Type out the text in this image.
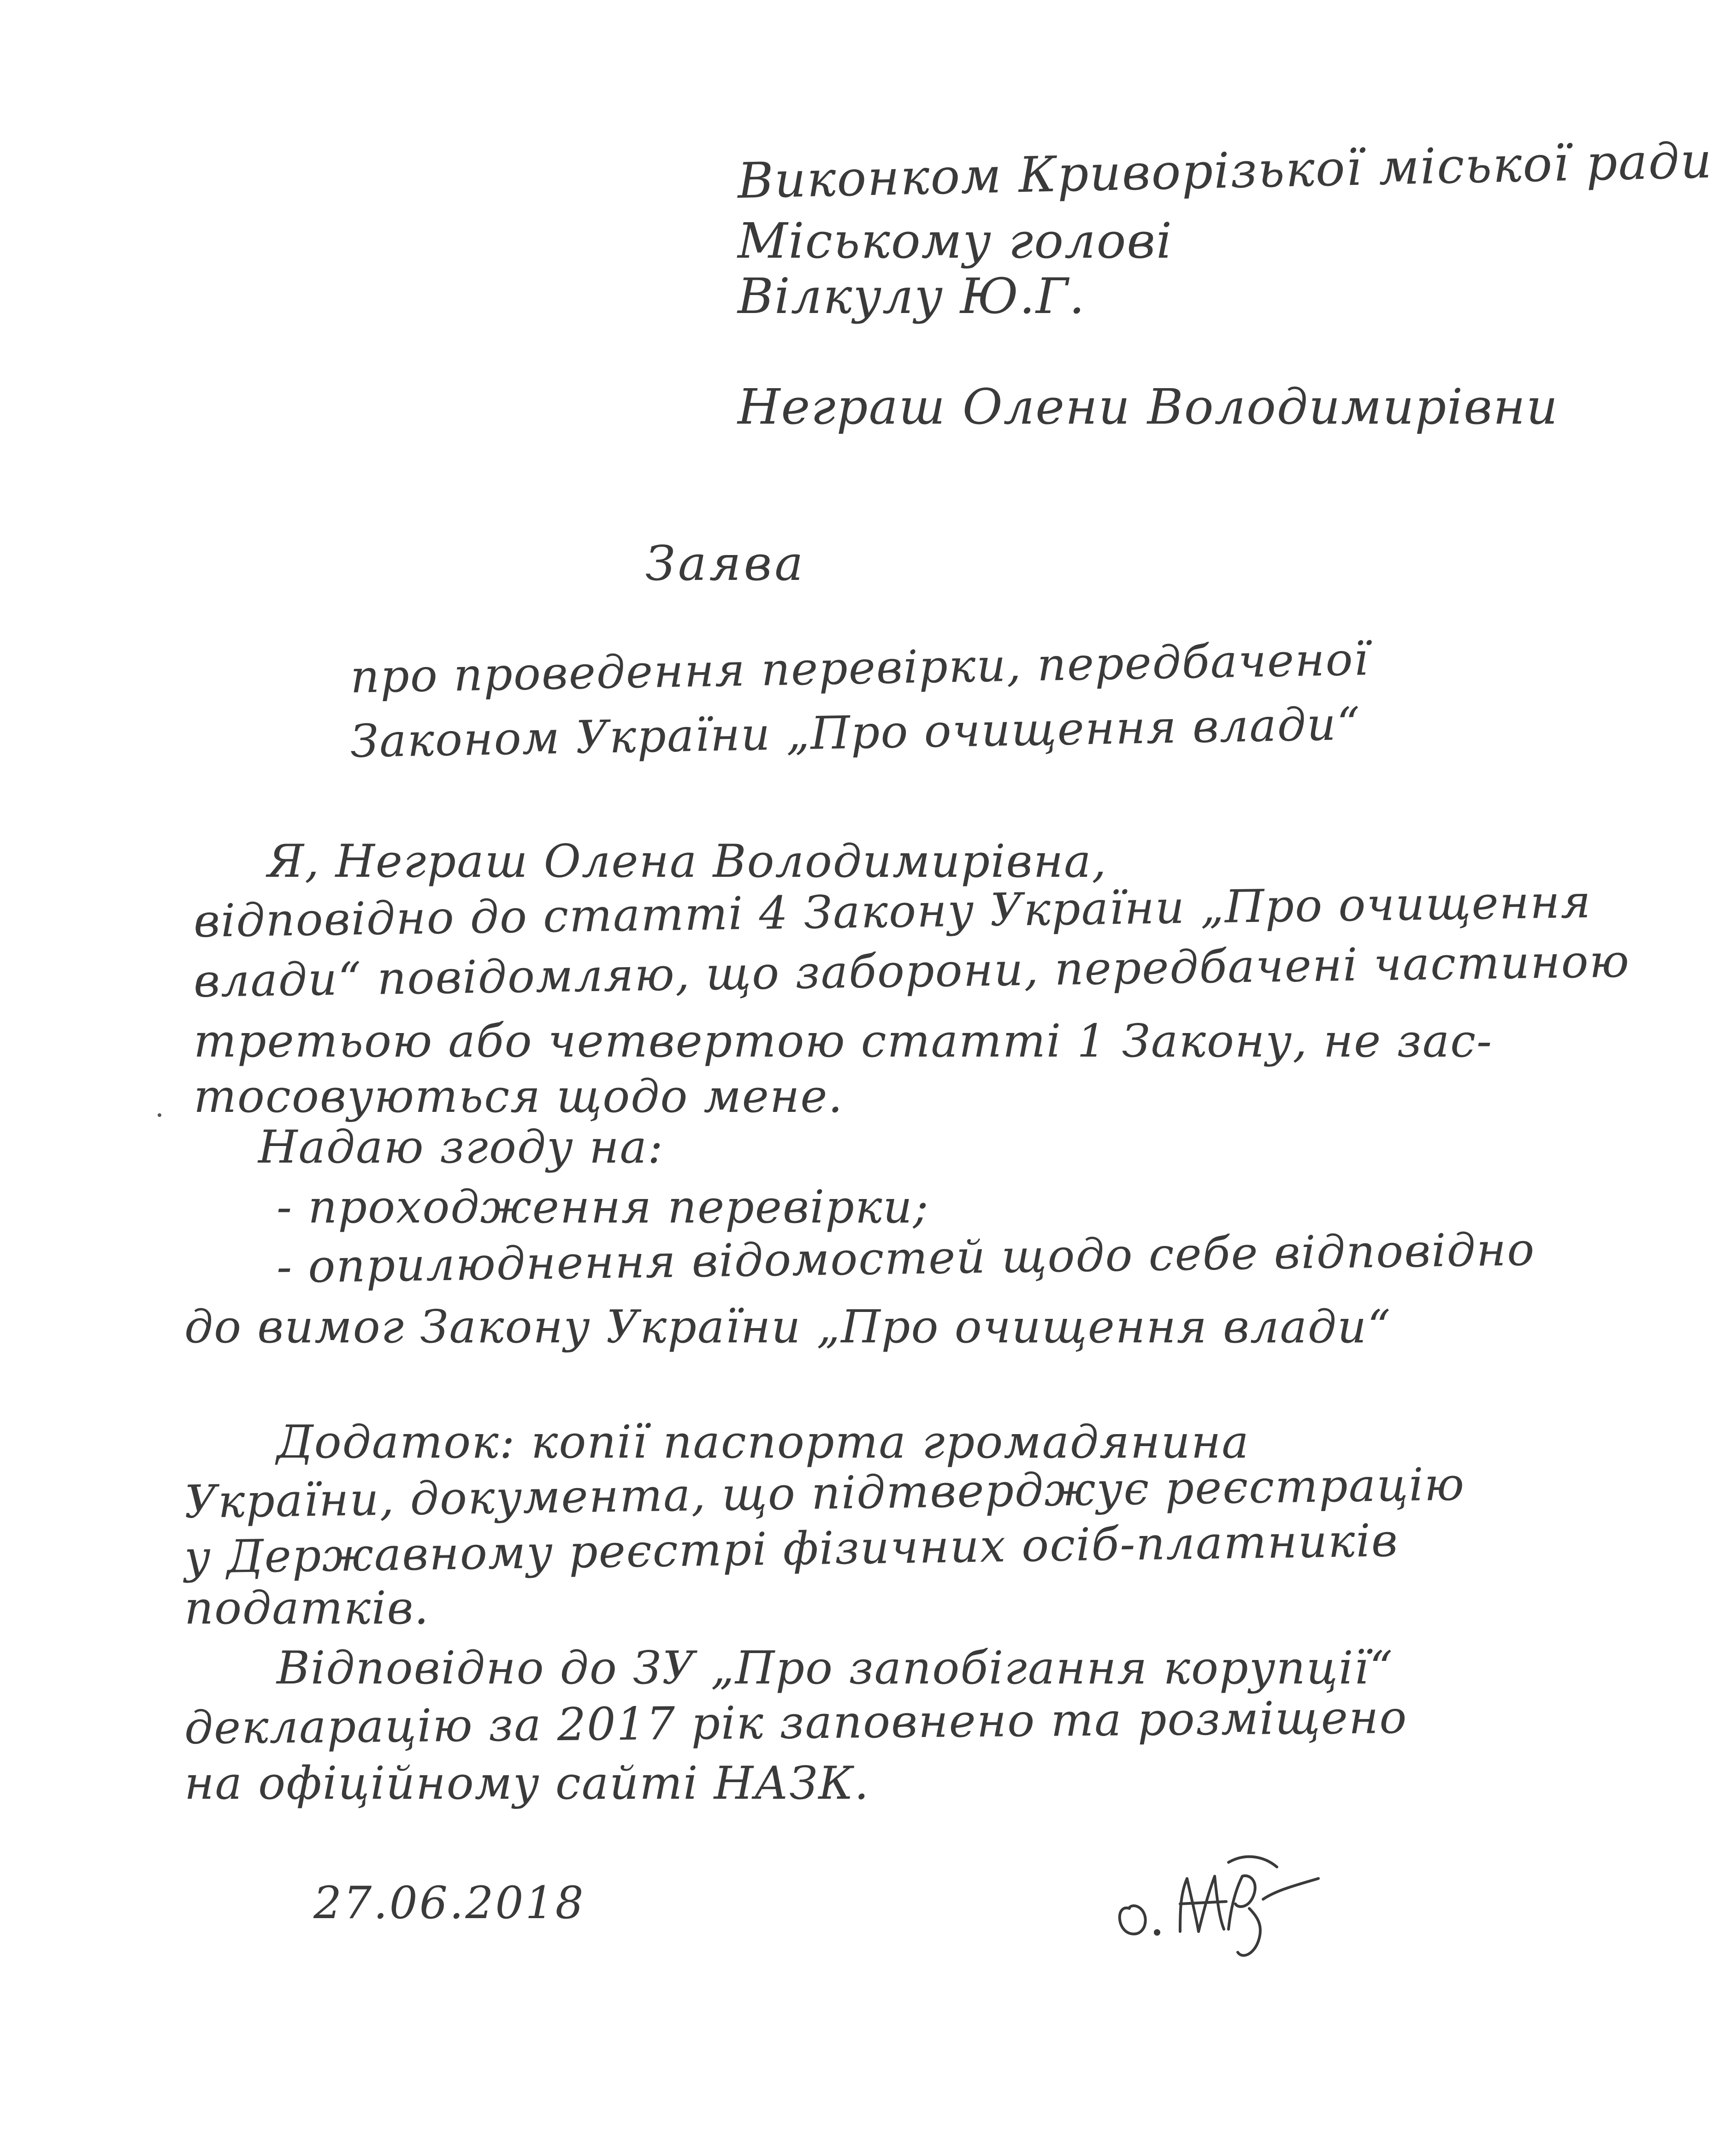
Виконком Криворізької міської ради
Міському голові
Вілкулу Ю.Г.
Неграш Олени Володимирівни
Заява
про проведення перевірки, передбаченої
Законом України „Про очищення влади“
Я, Неграш Олена Володимирівна,
відповідно до статті 4 Закону України „Про очищення
влади“ повідомляю, що заборони, передбачені частиною
третьою або четвертою статті 1 Закону, не зас-
тосовуються щодо мене.
Надаю згоду на:
- проходження перевірки;
- оприлюднення відомостей щодо себе відповідно
до вимог Закону України „Про очищення влади“
Додаток: копії паспорта громадянина
України, документа, що підтверджує реєстрацію
у Державному реєстрі фізичних осіб-платників
податків.
Відповідно до ЗУ „Про запобігання корупції“
декларацію за 2017 рік заповнено та розміщено
на офіційному сайті НАЗК.
27.06.2018
